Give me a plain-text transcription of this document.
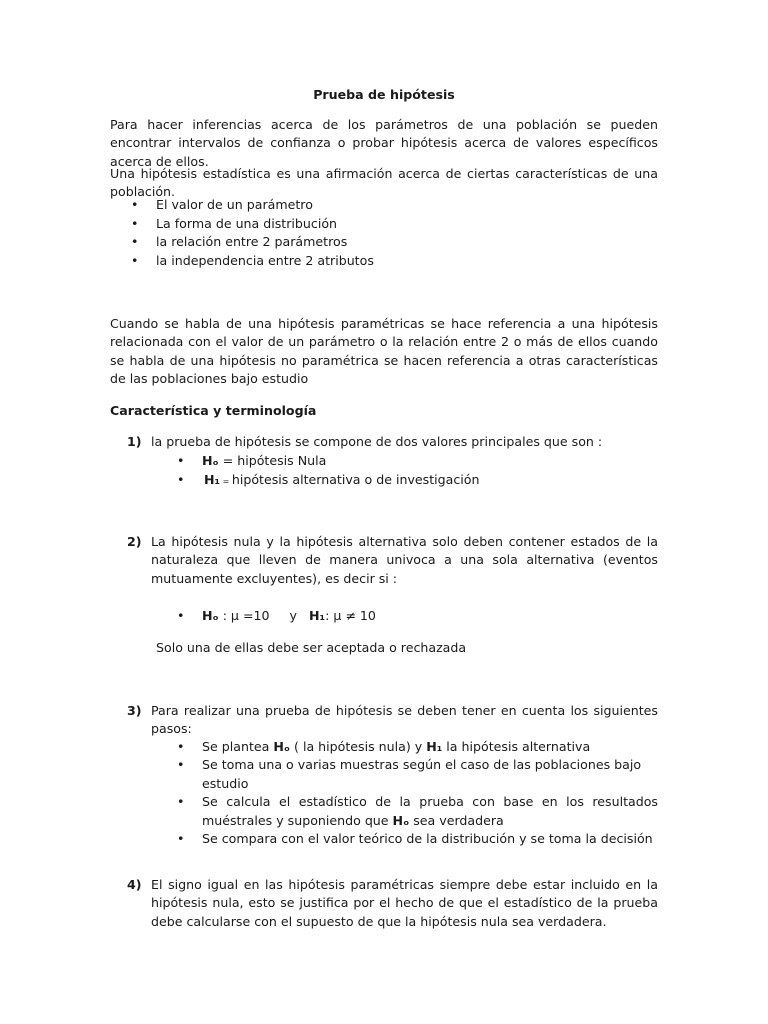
Prueba de hipótesis
Para hacer inferencias acerca de los parámetros de una población se pueden encontrar intervalos de confianza o probar hipótesis acerca de valores específicos acerca de ellos.
Una hipótesis estadística es una afirmación acerca de ciertas características de una población.
• El valor de un parámetro
• La forma de una distribución
• la relación entre 2 parámetros
• la independencia entre 2 atributos
Cuando se habla de una hipótesis paramétricas se hace referencia a una hipótesis relacionada con el valor de un parámetro o la relación entre 2 o más de ellos cuando se habla de una hipótesis no paramétrica se hacen referencia a otras características de las poblaciones bajo estudio
Característica y terminología
1) la prueba de hipótesis se compone de dos valores principales que son :
• Hₒ = hipótesis Nula
• H₁ = hipótesis alternativa o de investigación
2) La hipótesis nula y la hipótesis alternativa solo deben contener estados de la naturaleza que lleven de manera univoca a una sola alternativa (eventos mutuamente excluyentes), es decir si :
• Hₒ : μ =10     y   H₁: μ ≠ 10
Solo una de ellas debe ser aceptada o rechazada
3) Para realizar una prueba de hipótesis se deben tener en cuenta los siguientes pasos:
• Se plantea Hₒ ( la hipótesis nula) y H₁ la hipótesis alternativa
• Se toma una o varias muestras según el caso de las poblaciones bajo estudio
• Se calcula el estadístico de la prueba con base en los resultados muéstrales y suponiendo que Hₒ sea verdadera
• Se compara con el valor teórico de la distribución y se toma la decisión
4) El signo igual en las hipótesis paramétricas siempre debe estar incluido en la hipótesis nula, esto se justifica por el hecho de que el estadístico de la prueba debe calcularse con el supuesto de que la hipótesis nula sea verdadera.
